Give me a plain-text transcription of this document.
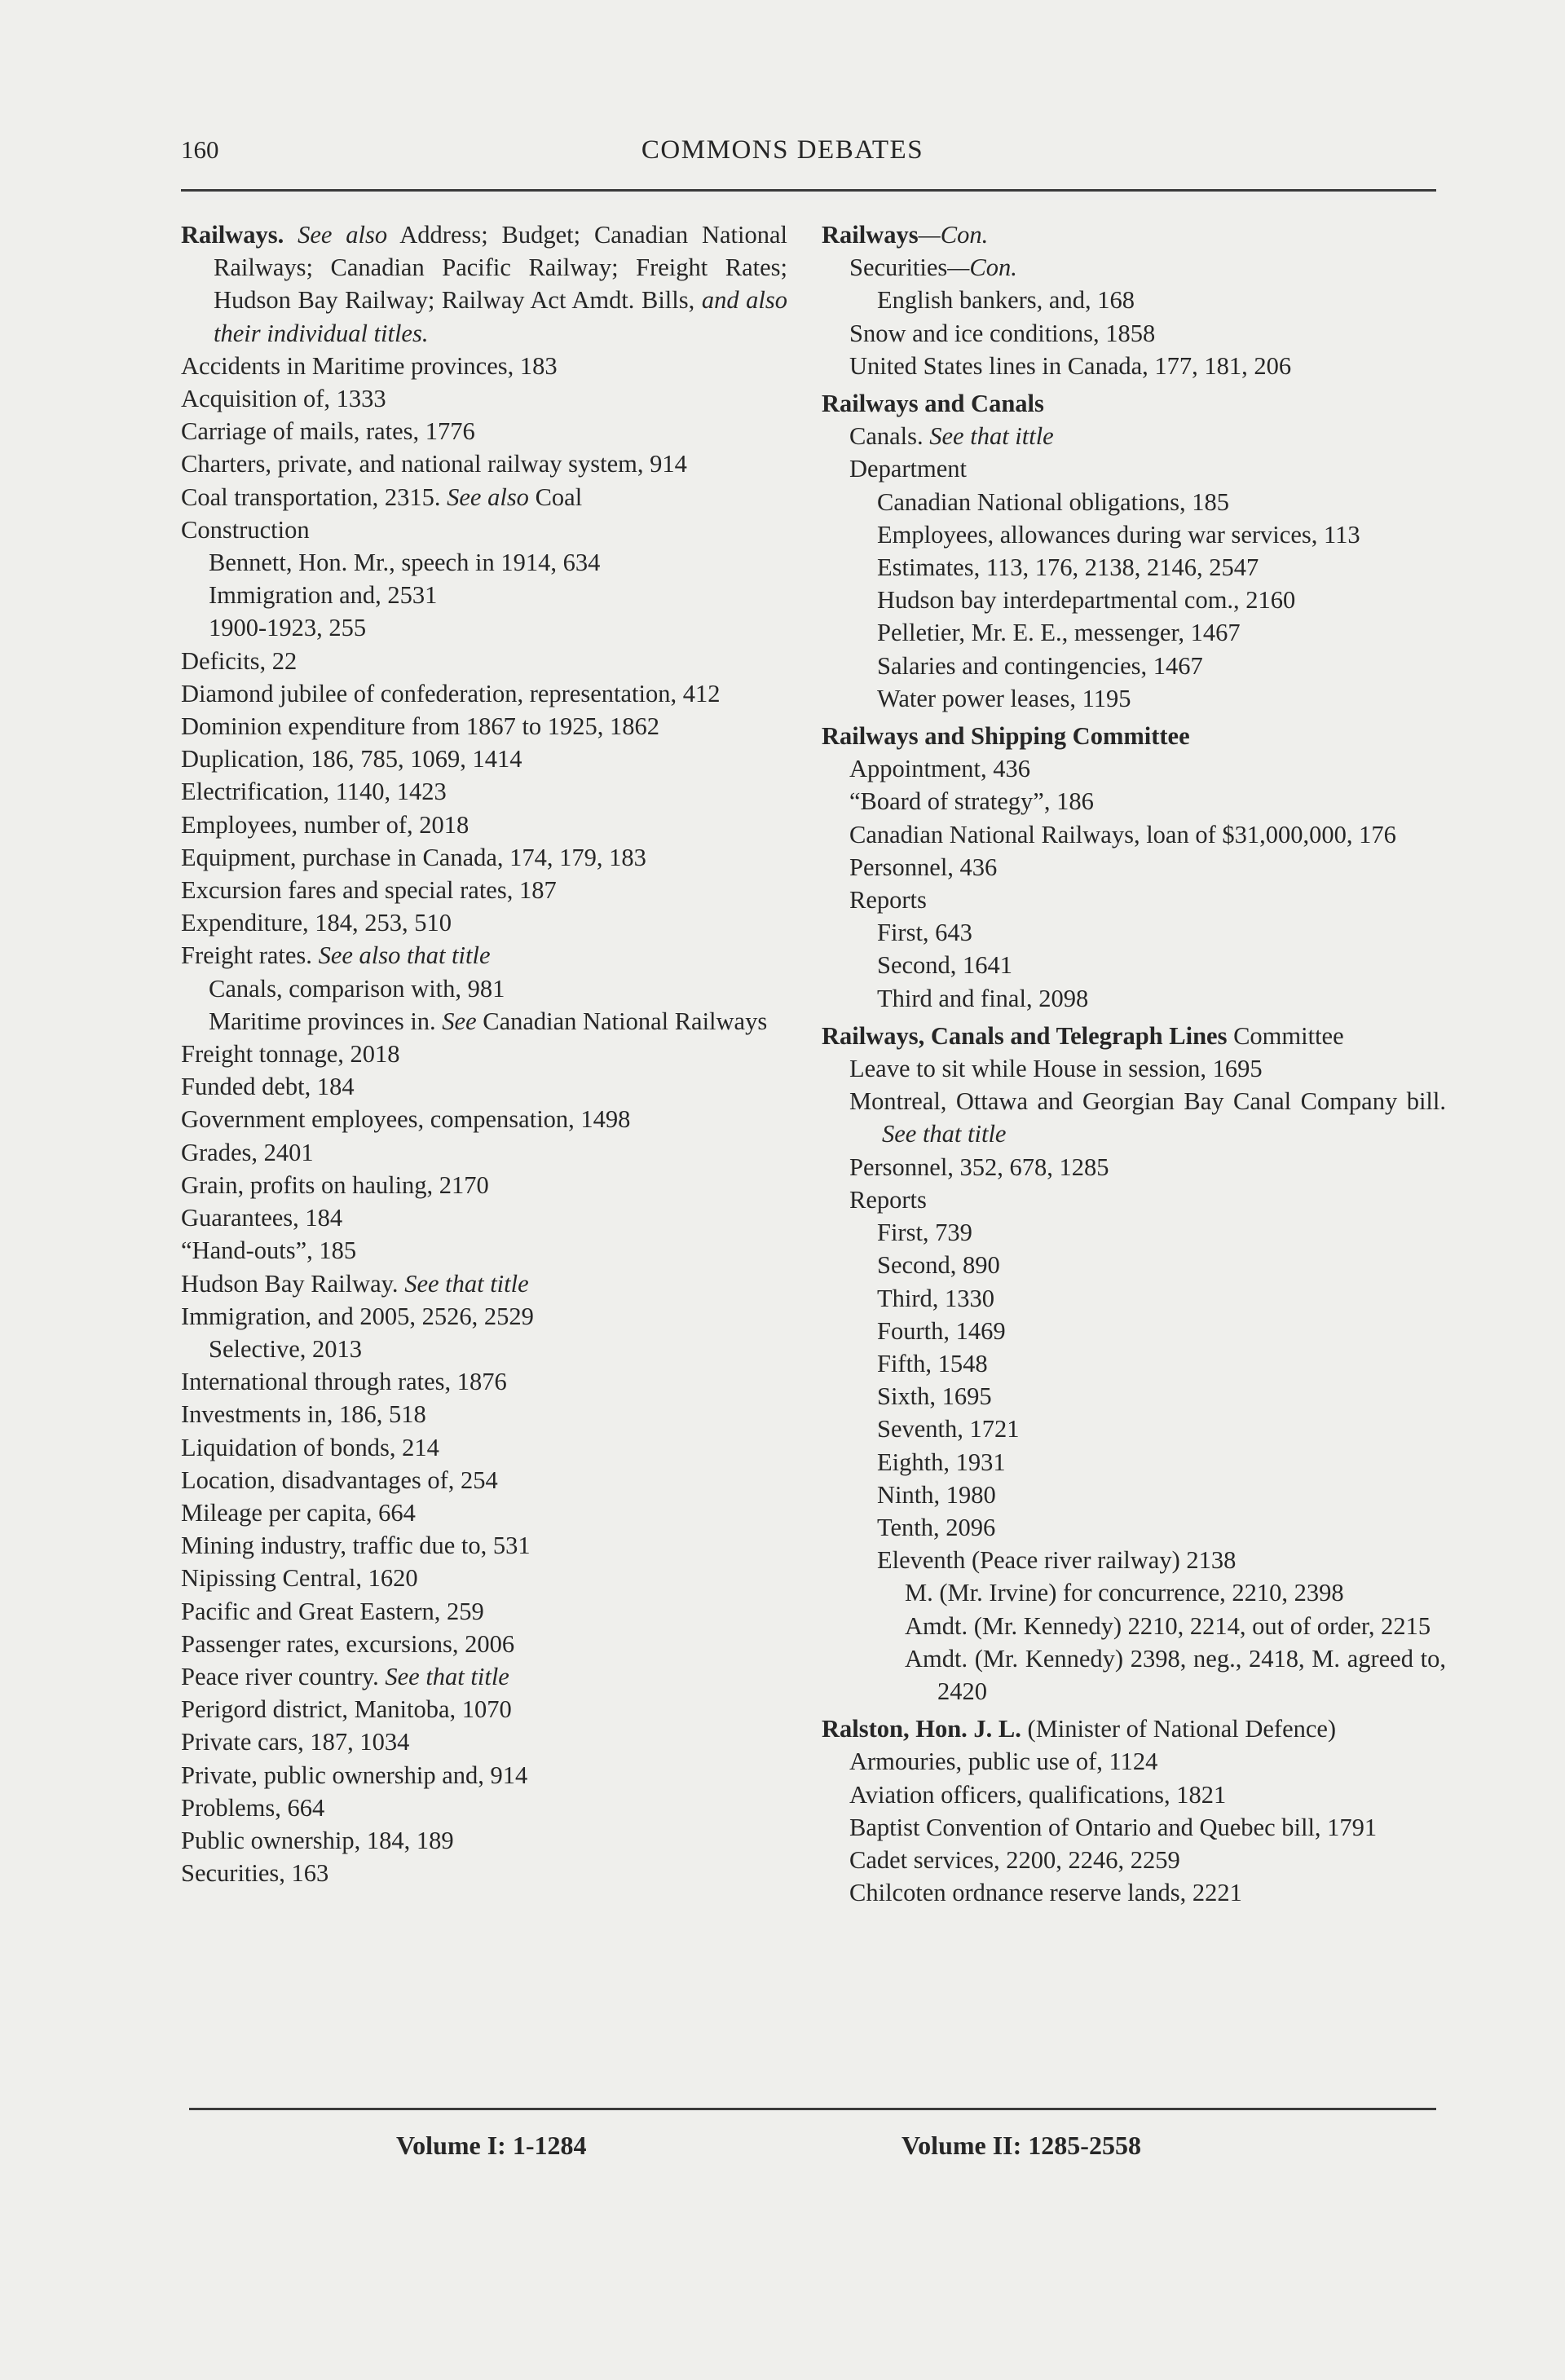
160	COMMONS DEBATES
Railways. See also Address; Budget; Canadian National Railways; Canadian Pacific Railway; Freight Rates; Hudson Bay Railway; Railway Act Amdt. Bills, and also their individual titles.
Accidents in Maritime provinces, 183
Acquisition of, 1333
Carriage of mails, rates, 1776
Charters, private, and national railway system, 914
Coal transportation, 2315. See also Coal
Construction
Bennett, Hon. Mr., speech in 1914, 634
Immigration and, 2531
1900-1923, 255
Deficits, 22
Diamond jubilee of confederation, representation, 412
Dominion expenditure from 1867 to 1925, 1862
Duplication, 186, 785, 1069, 1414
Electrification, 1140, 1423
Employees, number of, 2018
Equipment, purchase in Canada, 174, 179, 183
Excursion fares and special rates, 187
Expenditure, 184, 253, 510
Freight rates. See also that title
Canals, comparison with, 981
Maritime provinces in. See Canadian National Railways
Freight tonnage, 2018
Funded debt, 184
Government employees, compensation, 1498
Grades, 2401
Grain, profits on hauling, 2170
Guarantees, 184
“Hand-outs”, 185
Hudson Bay Railway. See that title
Immigration, and 2005, 2526, 2529
Selective, 2013
International through rates, 1876
Investments in, 186, 518
Liquidation of bonds, 214
Location, disadvantages of, 254
Mileage per capita, 664
Mining industry, traffic due to, 531
Nipissing Central, 1620
Pacific and Great Eastern, 259
Passenger rates, excursions, 2006
Peace river country. See that title
Perigord district, Manitoba, 1070
Private cars, 187, 1034
Private, public ownership and, 914
Problems, 664
Public ownership, 184, 189
Securities, 163
Railways—Con.
Securities—Con.
English bankers, and, 168
Snow and ice conditions, 1858
United States lines in Canada, 177, 181, 206
Railways and Canals
Canals. See that ittle
Department
Canadian National obligations, 185
Employees, allowances during war services, 113
Estimates, 113, 176, 2138, 2146, 2547
Hudson bay interdepartmental com., 2160
Pelletier, Mr. E. E., messenger, 1467
Salaries and contingencies, 1467
Water power leases, 1195
Railways and Shipping Committee
Appointment, 436
“Board of strategy”, 186
Canadian National Railways, loan of $31,000,000, 176
Personnel, 436
Reports
First, 643
Second, 1641
Third and final, 2098
Railways, Canals and Telegraph Lines Committee
Leave to sit while House in session, 1695
Montreal, Ottawa and Georgian Bay Canal Company bill. See that title
Personnel, 352, 678, 1285
Reports
First, 739
Second, 890
Third, 1330
Fourth, 1469
Fifth, 1548
Sixth, 1695
Seventh, 1721
Eighth, 1931
Ninth, 1980
Tenth, 2096
Eleventh (Peace river railway) 2138
M. (Mr. Irvine) for concurrence, 2210, 2398
Amdt. (Mr. Kennedy) 2210, 2214, out of order, 2215
Amdt. (Mr. Kennedy) 2398, neg., 2418, M. agreed to, 2420
Ralston, Hon. J. L. (Minister of National Defence)
Armouries, public use of, 1124
Aviation officers, qualifications, 1821
Baptist Convention of Ontario and Quebec bill, 1791
Cadet services, 2200, 2246, 2259
Chilcoten ordnance reserve lands, 2221
Volume I: 1-1284	Volume II: 1285-2558
